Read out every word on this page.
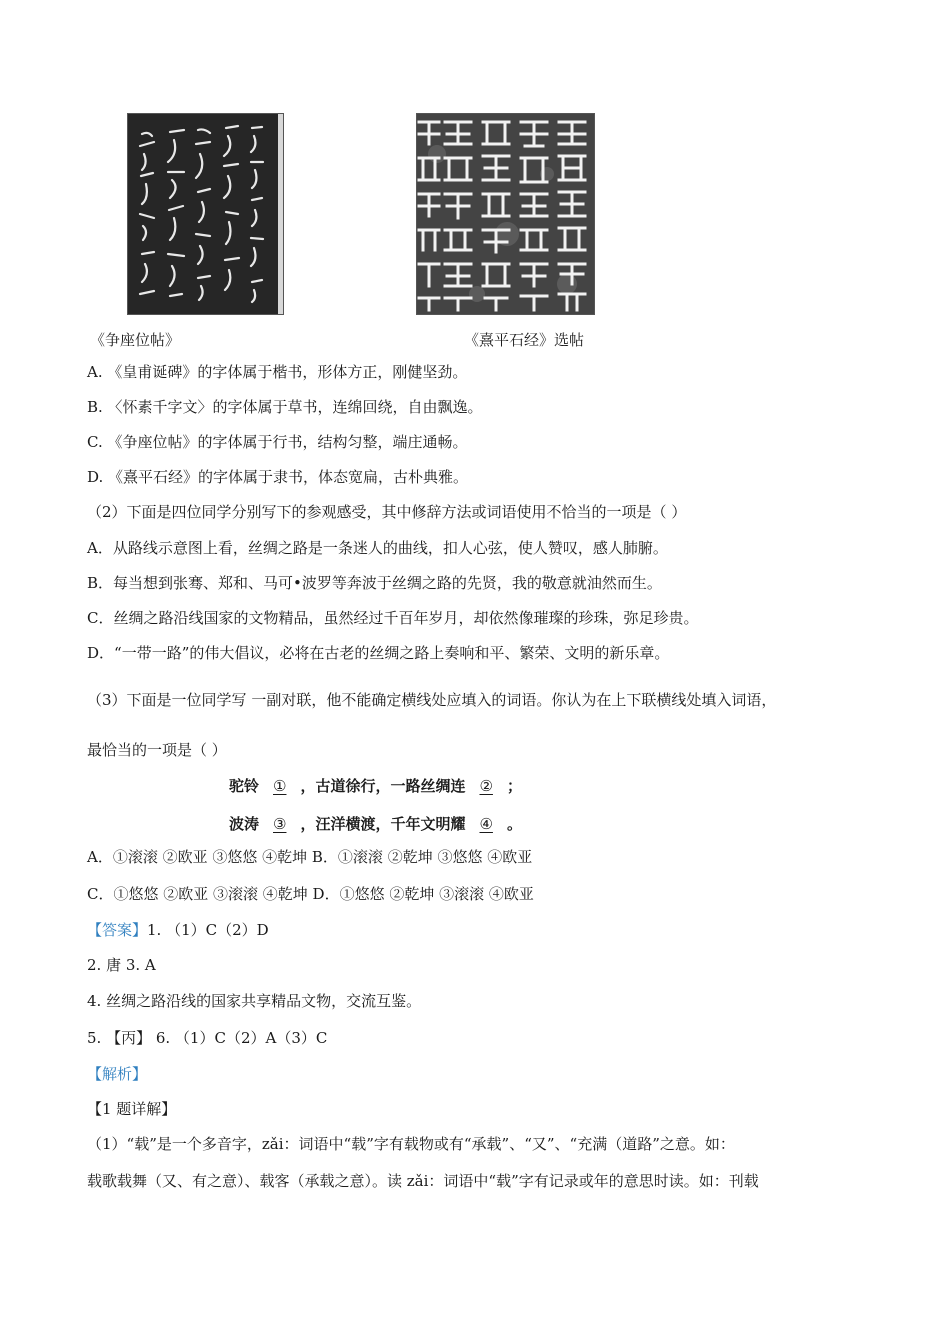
《争座位帖》	《熹平石经》选帖
A. 《皇甫诞碑》的字体属于楷书，形体方正，刚健坚劲。
B. 〈怀素千字文〉的字体属于草书，连绵回绕，自由飘逸。
C. 《争座位帖》的字体属于行书，结构匀整，端庄通畅。
D. 《熹平石经》的字体属于隶书，体态宽扁，古朴典雅。
（2）下面是四位同学分别写下的参观感受，其中修辞方法或词语使用不恰当的一项是（ ）
A．从路线示意图上看，丝绸之路是一条迷人的曲线，扣人心弦，使人赞叹，感人肺腑。
B．每当想到张骞、郑和、马可•波罗等奔波于丝绸之路的先贤，我的敬意就油然而生。
C．丝绸之路沿线国家的文物精品，虽然经过千百年岁月，却依然像璀璨的珍珠，弥足珍贵。
D．“一带一路”的伟大倡议，必将在古老的丝绸之路上奏响和平、繁荣、文明的新乐章。
（3）下面是一位同学写 一副对联，他不能确定横线处应填入的词语。你认为在上下联横线处填入词语，
最恰当的一项是（ ）
驼铃 ① ，古道徐行，一路丝绸连 ② ；
波涛 ③ ，汪洋横渡，千年文明耀 ④ 。
A．①滚滚 ②欧亚 ③悠悠 ④乾坤 B．①滚滚 ②乾坤 ③悠悠 ④欧亚
C．①悠悠 ②欧亚 ③滚滚 ④乾坤 D．①悠悠 ②乾坤 ③滚滚 ④欧亚
【答案】1. （1）C（2）D
2. 唐 3. A
4. 丝绸之路沿线的国家共享精品文物，交流互鉴。
5. 【丙】 6. （1）C（2）A（3）C
【解析】
【1 题详解】
（1）“载”是一个多音字，zǎi：词语中“载”字有载物或有“承载”、“又”、“充满（道路”之意。如：
载歌载舞（又、有之意）、载客（承载之意）。读 zǎi：词语中“载”字有记录或年的意思时读。如：刊载
